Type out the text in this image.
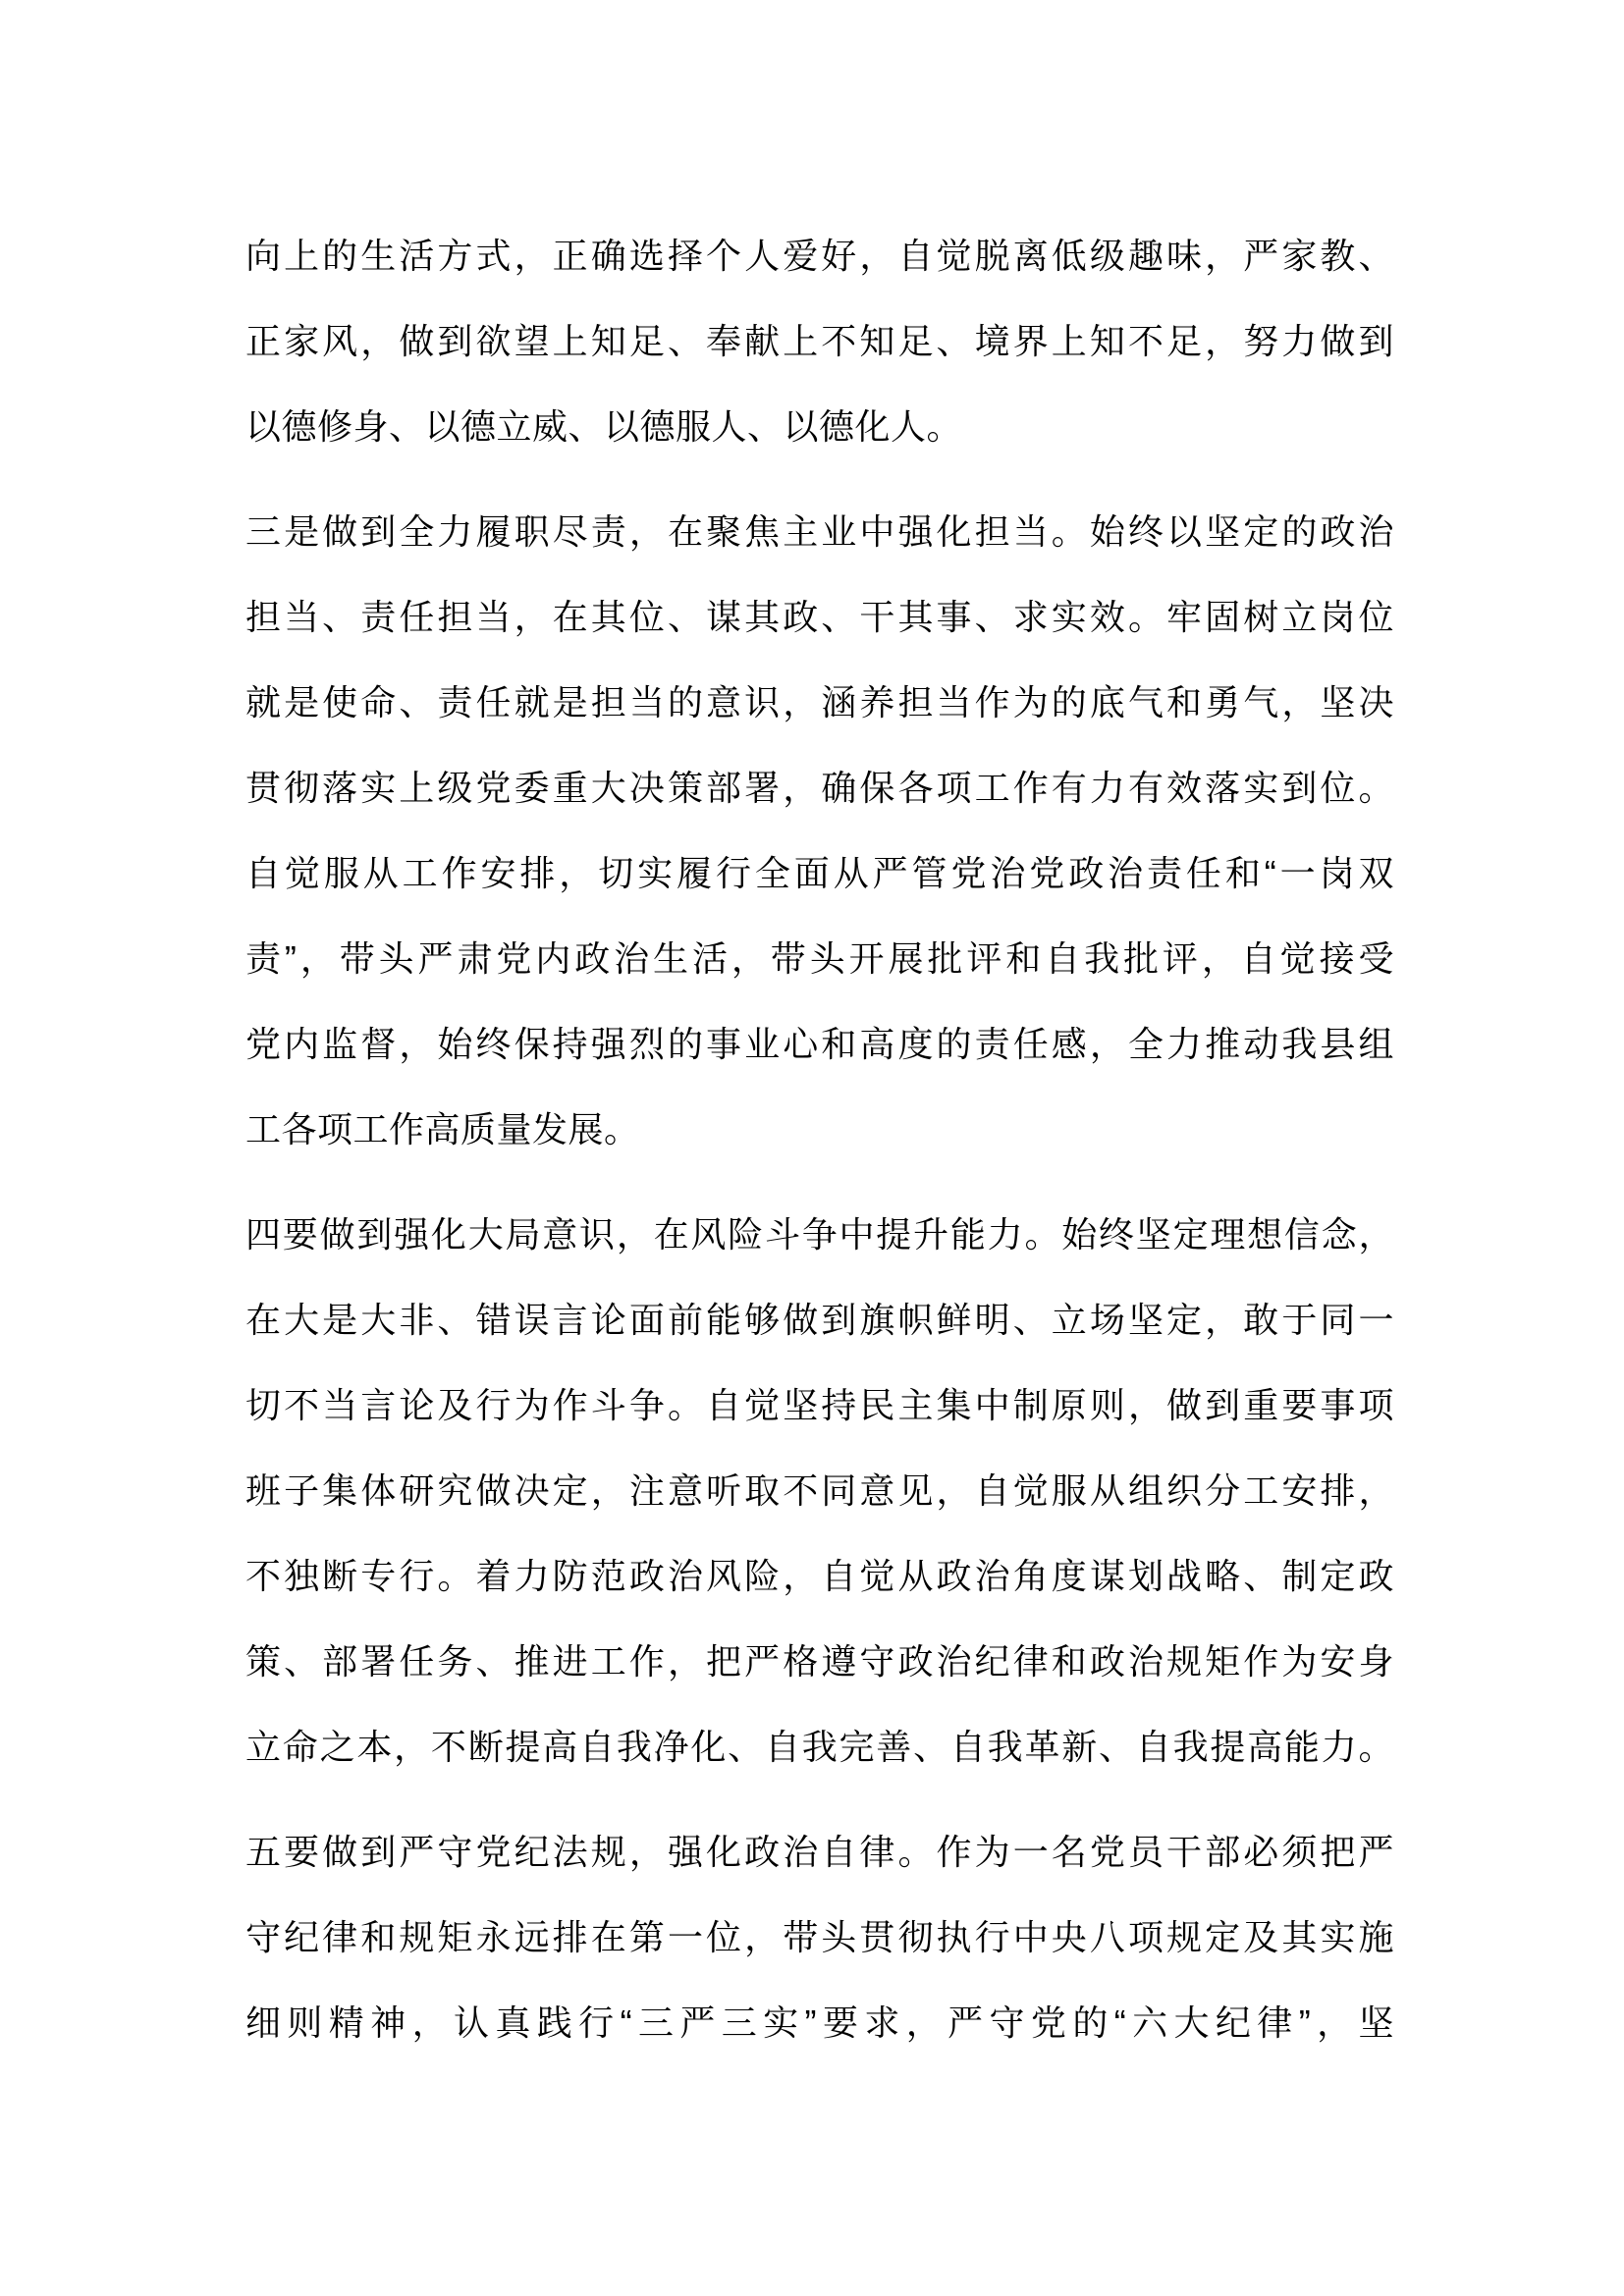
向上的生活方式，正确选择个人爱好，自觉脱离低级趣味，严家教、
正家风，做到欲望上知足、奉献上不知足、境界上知不足，努力做到
以德修身、以德立威、以德服人、以德化人。
三是做到全力履职尽责，在聚焦主业中强化担当。始终以坚定的政治
担当、责任担当，在其位、谋其政、干其事、求实效。牢固树立岗位
就是使命、责任就是担当的意识，涵养担当作为的底气和勇气，坚决
贯彻落实上级党委重大决策部署，确保各项工作有力有效落实到位。
自觉服从工作安排，切实履行全面从严管党治党政治责任和“一岗双
责”，带头严肃党内政治生活，带头开展批评和自我批评，自觉接受
党内监督，始终保持强烈的事业心和高度的责任感，全力推动我县组
工各项工作高质量发展。
四要做到强化大局意识，在风险斗争中提升能力。始终坚定理想信念，
在大是大非、错误言论面前能够做到旗帜鲜明、立场坚定，敢于同一
切不当言论及行为作斗争。自觉坚持民主集中制原则，做到重要事项
班子集体研究做决定，注意听取不同意见，自觉服从组织分工安排，
不独断专行。着力防范政治风险，自觉从政治角度谋划战略、制定政
策、部署任务、推进工作，把严格遵守政治纪律和政治规矩作为安身
立命之本，不断提高自我净化、自我完善、自我革新、自我提高能力。
五要做到严守党纪法规，强化政治自律。作为一名党员干部必须把严
守纪律和规矩永远排在第一位，带头贯彻执行中央八项规定及其实施
细则精神，认真践行“三严三实”要求，严守党的“六大纪律”，坚
